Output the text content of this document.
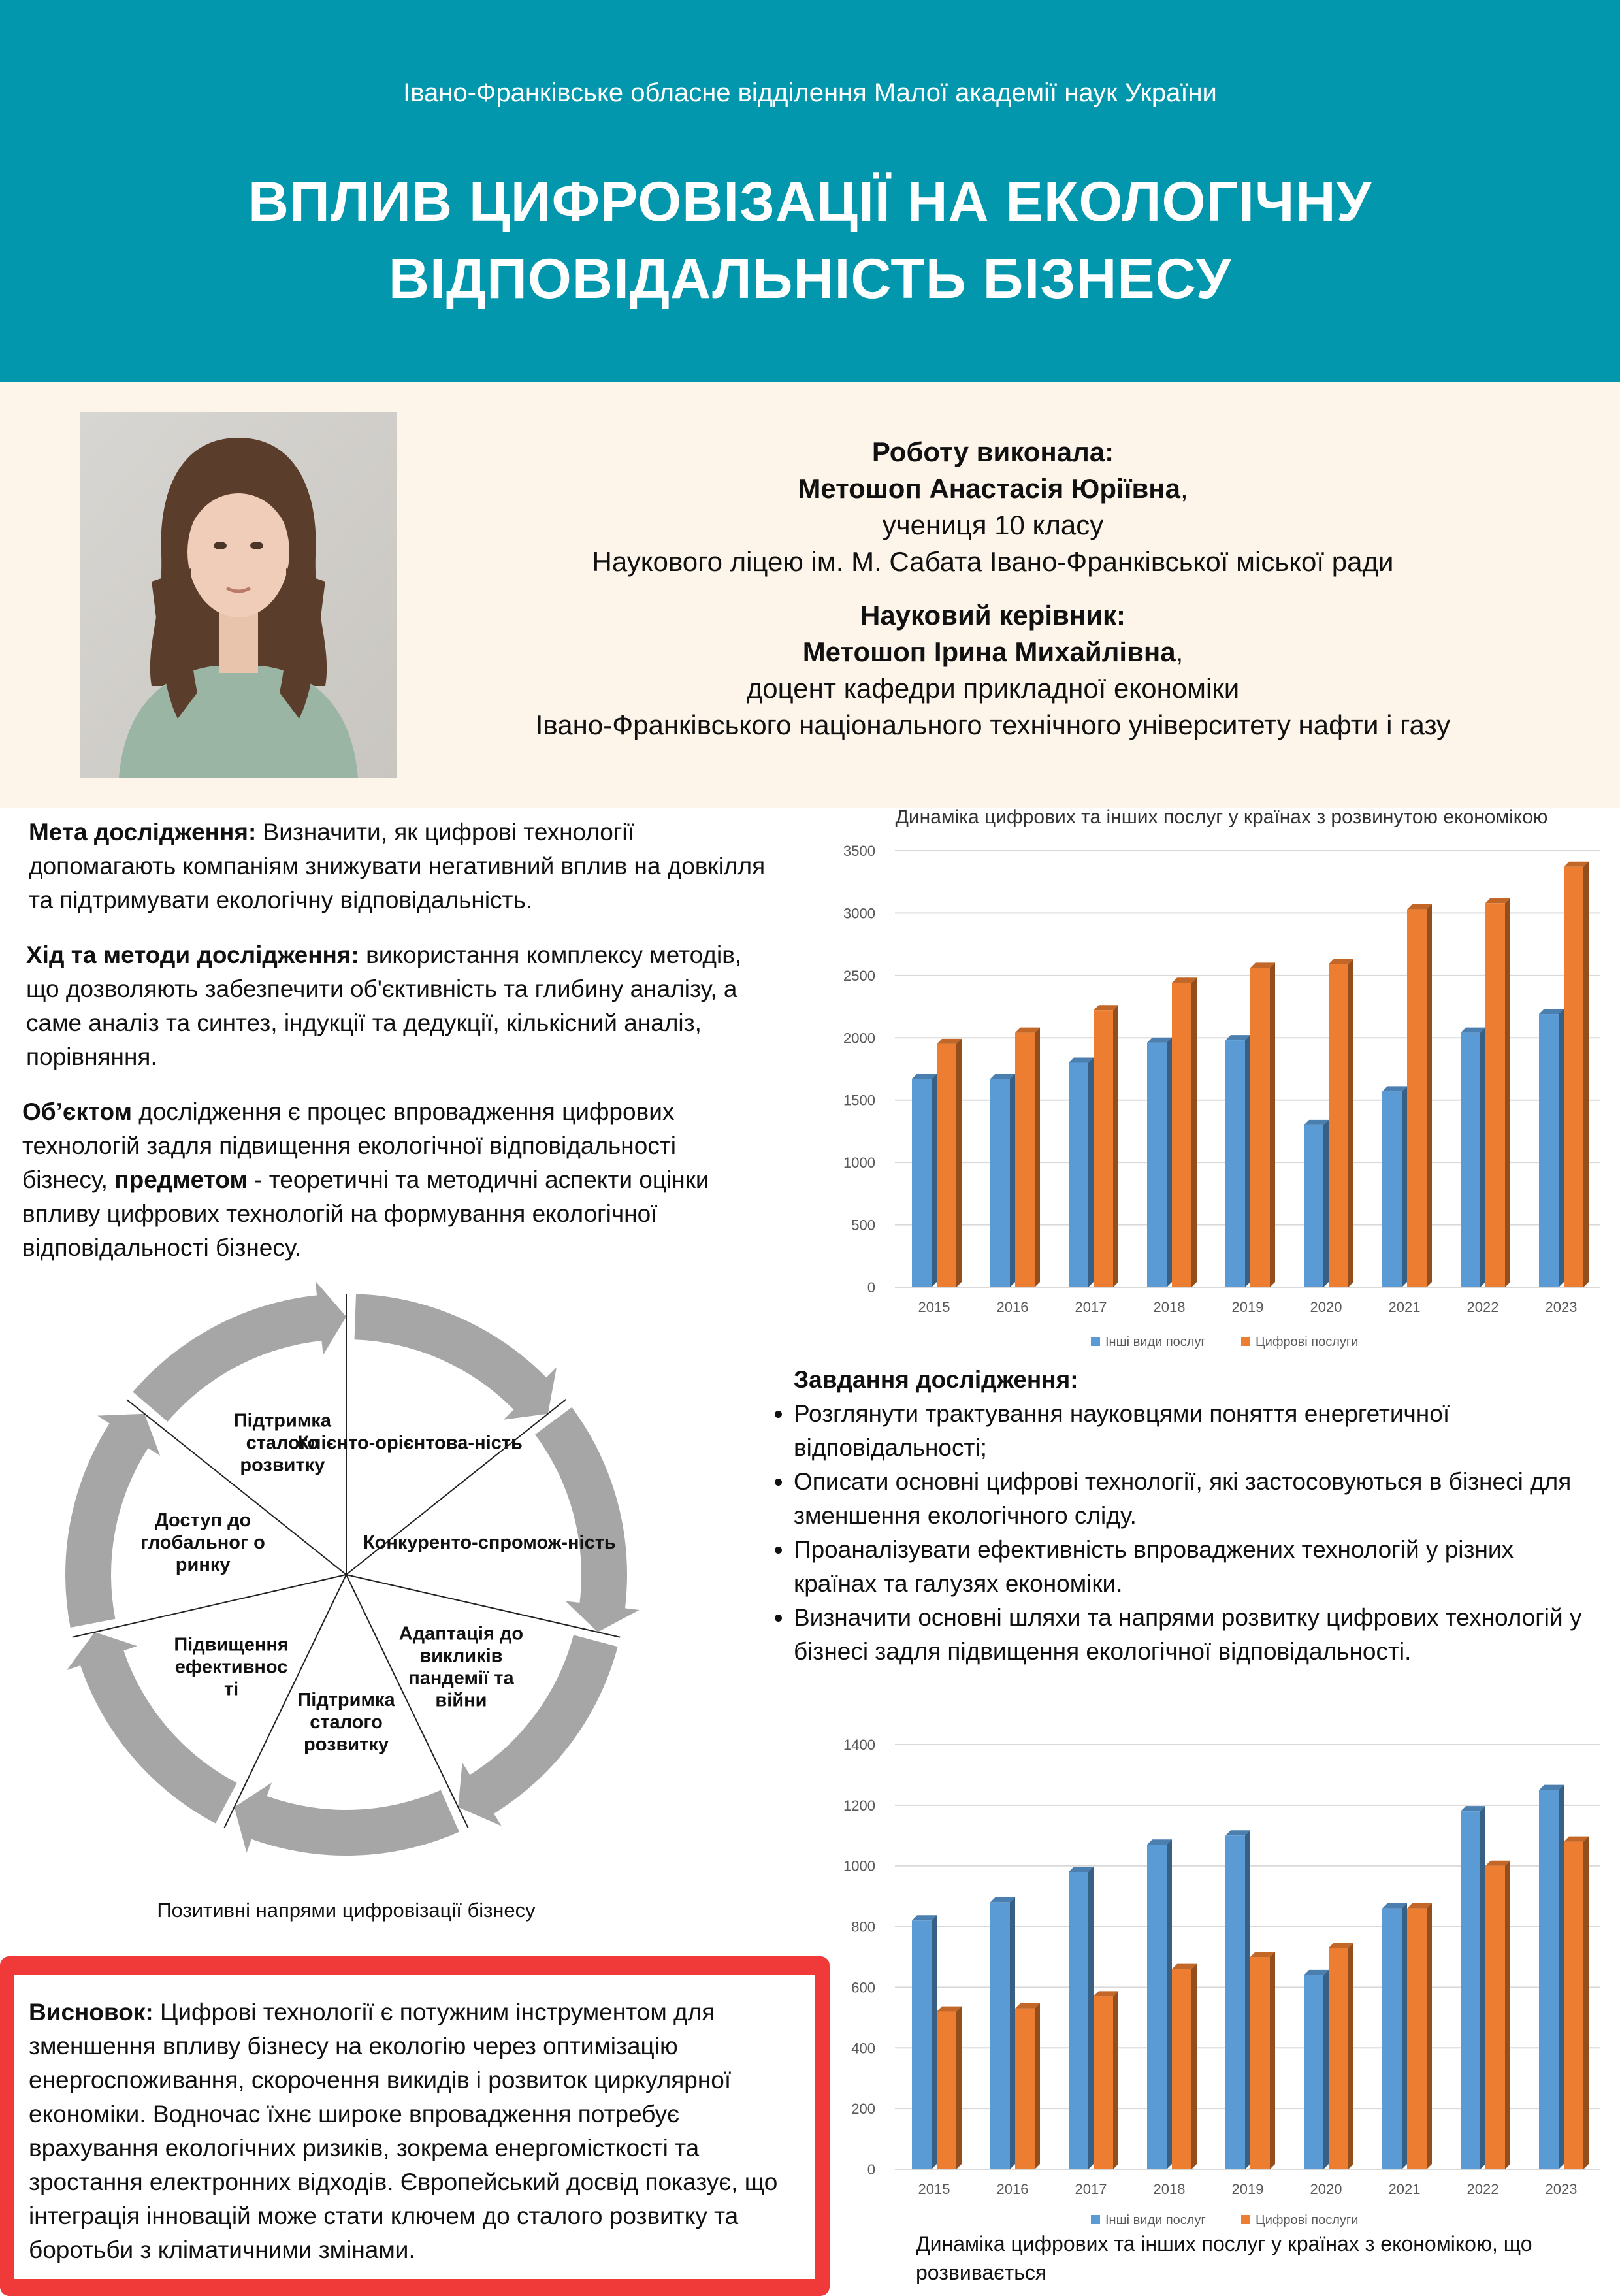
Івано-Франківське обласне відділення Малої академії наук України
ВПЛИВ ЦИФРОВІЗАЦІЇ НА ЕКОЛОГІЧНУ
ВІДПОВІДАЛЬНІСТЬ БІЗНЕСУ
Роботу виконала:
Метошоп Анастасія Юріївна,
учениця 10 класу
Наукового ліцею ім. М. Сабата Івано-Франківської міської ради
Науковий керівник:
Метошоп Ірина Михайлівна,
доцент кафедри прикладної економіки
Івано-Франківського національного технічного університету нафти і газу
Мета дослідження: Визначити, як цифрові технології допомагають компаніям знижувати негативний вплив на довкілля та підтримувати екологічну відповідальність.
Хід та методи дослідження: використання комплексу методів, що дозволяють забезпечити об'єктивність та глибину аналізу, а саме аналіз та синтез, індукції та дедукції, кількісний аналіз, порівняння.
Об’єктом дослідження є процес впровадження цифрових технологій задля підвищення екологічної відповідальності бізнесу, предметом - теоретичні та методичні аспекти оцінки впливу цифрових технологій на формування екологічної відповідальності бізнесу.
Клієнто-орієнтова-ність
Конкуренто-спромож-ність
Адаптація до викликів пандемії та війни
Підтримка сталого розвитку
Підвищення ефективнос ті
Доступ до глобальног о ринку
Підтримка сталого розвитку
Позитивні напрями цифровізації бізнесу
Динаміка цифрових та інших послуг у країнах з розвинутою економікою
0
500
1000
1500
2000
2500
3000
3500
2015	2016	2017	2018	2019	2020	2021	2022	2023
Інші види послуг	Цифрові послуги
Завдання дослідження:
• Розглянути трактування науковцями поняття енергетичної відповідальності;
• Описати основні цифрові технології, які застосовуються в бізнесі для зменшення екологічного сліду.
• Проаналізувати ефективність впроваджених технологій у різних країнах та галузях економіки.
• Визначити основні шляхи та напрями розвитку цифрових технологій у бізнесі задля підвищення екологічної відповідальності.
0
200
400
600
800
1000
1200
1400
2015	2016	2017	2018	2019	2020	2021	2022	2023
Інші види послуг	Цифрові послуги
Динаміка цифрових та інших послуг у країнах з економікою, що розвивається
Висновок: Цифрові технології є потужним інструментом для зменшення впливу бізнесу на екологію через оптимізацію енергоспоживання, скорочення викидів і розвиток циркулярної економіки. Водночас їхнє широке впровадження потребує врахування екологічних ризиків, зокрема енергомісткості та зростання електронних відходів. Європейський досвід показує, що інтеграція інновацій може стати ключем до сталого розвитку та боротьби з кліматичними змінами.
